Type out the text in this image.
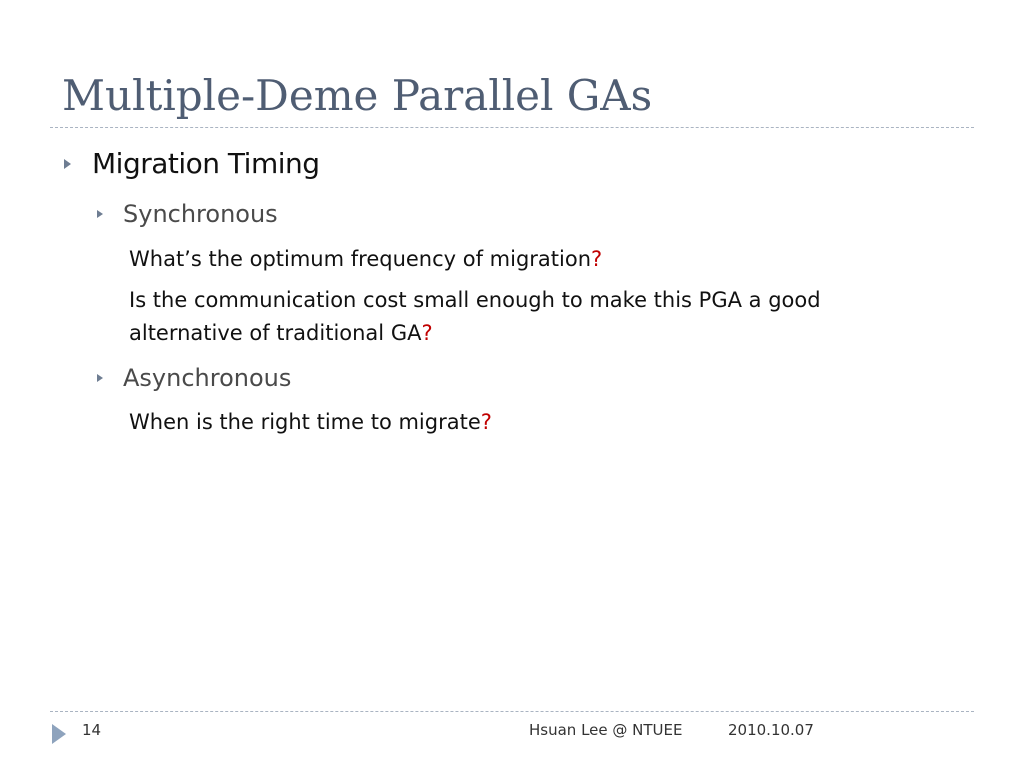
Multiple-Deme Parallel GAs

Migration Timing

Synchronous

What’s the optimum frequency of migration?

Is the communication cost small enough to make this PGA a good

alternative of traditional GA?

Asynchronous

When is the right time to migrate?

14	Hsuan Lee @ NTUEE	2010.10.07
